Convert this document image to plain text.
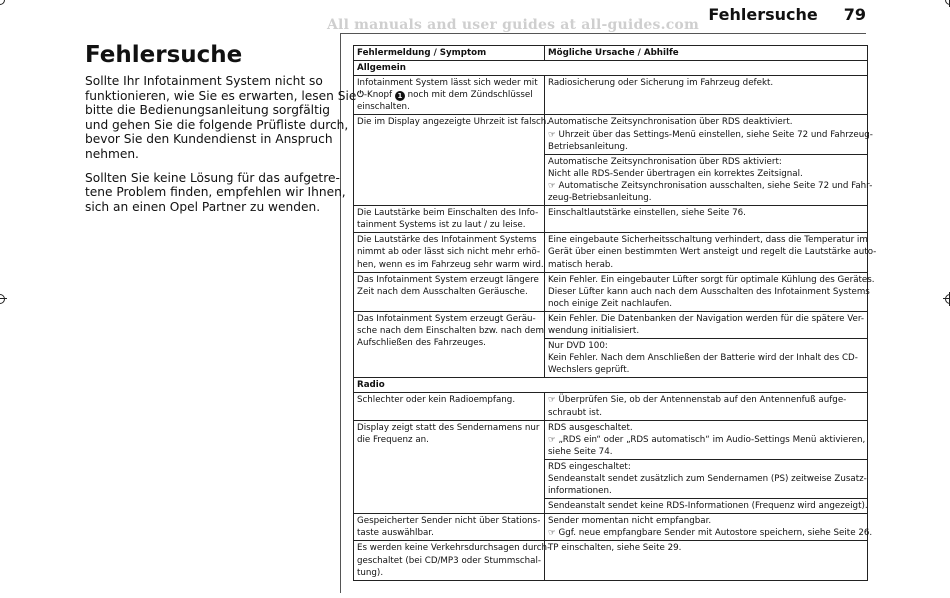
All manuals and user guides at all-guides.com
Fehlersuche 79
Fehlersuche

Sollte Ihr Infotainment System nicht so
funktionieren, wie Sie es erwarten, lesen Sie
bitte die Bedienungsanleitung sorgfältig
und gehen Sie die folgende Prüfliste durch,
bevor Sie den Kundendienst in Anspruch
nehmen.

Sollten Sie keine Lösung für das aufgetre-
tene Problem finden, empfehlen wir Ihnen,
sich an einen Opel Partner zu wenden.

Fehlermeldung / Symptom	Mögliche Ursache / Abhilfe
Allgemein	

Infotainment System lässt sich weder mit
⏻-Knopf 1 noch mit dem Zündschlüssel
einschalten.	Radiosicherung oder Sicherung im Fahrzeug defekt.

Die im Display angezeigte Uhrzeit ist falsch.	Automatische Zeitsynchronisation über RDS deaktiviert.
☞ Uhrzeit über das Settings-Menü einstellen, siehe Seite 72 und Fahrzeug-
Betriebsanleitung.

	Automatische Zeitsynchronisation über RDS aktiviert:
Nicht alle RDS-Sender übertragen ein korrektes Zeitsignal.
☞ Automatische Zeitsynchronisation ausschalten, siehe Seite 72 und Fahr-
zeug-Betriebsanleitung.

Die Lautstärke beim Einschalten des Info-
tainment Systems ist zu laut / zu leise.	Einschaltlautstärke einstellen, siehe Seite 76.

Die Lautstärke des Infotainment Systems
nimmt ab oder lässt sich nicht mehr erhö-
hen, wenn es im Fahrzeug sehr warm wird.	Eine eingebaute Sicherheitsschaltung verhindert, dass die Temperatur im
Gerät über einen bestimmten Wert ansteigt und regelt die Lautstärke auto-
matisch herab.

Das Infotainment System erzeugt längere
Zeit nach dem Ausschalten Geräusche.	Kein Fehler. Ein eingebauter Lüfter sorgt für optimale Kühlung des Gerätes.
Dieser Lüfter kann auch nach dem Ausschalten des Infotainment Systems
noch einige Zeit nachlaufen.

Das Infotainment System erzeugt Geräu-
sche nach dem Einschalten bzw. nach dem
Aufschließen des Fahrzeuges.	Kein Fehler. Die Datenbanken der Navigation werden für die spätere Ver-
wendung initialisiert.

	Nur DVD 100:
Kein Fehler. Nach dem Anschließen der Batterie wird der Inhalt des CD-
Wechslers geprüft.

Radio	

Schlechter oder kein Radioempfang.	☞ Überprüfen Sie, ob der Antennenstab auf den Antennenfuß aufge-
schraubt ist.

Display zeigt statt des Sendernamens nur
die Frequenz an.	RDS ausgeschaltet.
☞ „RDS ein“ oder „RDS automatisch“ im Audio-Settings Menü aktivieren,
siehe Seite 74.

	RDS eingeschaltet:
Sendeanstalt sendet zusätzlich zum Sendernamen (PS) zeitweise Zusatz-
informationen.

	Sendeanstalt sendet keine RDS-Informationen (Frequenz wird angezeigt).

Gespeicherter Sender nicht über Stations-
taste auswählbar.	Sender momentan nicht empfangbar.
☞ Ggf. neue empfangbare Sender mit Autostore speichern, siehe Seite 26.

Es werden keine Verkehrsdurchsagen durch-
geschaltet (bei CD/MP3 oder Stummschal-
tung).	TP einschalten, siehe Seite 29.
